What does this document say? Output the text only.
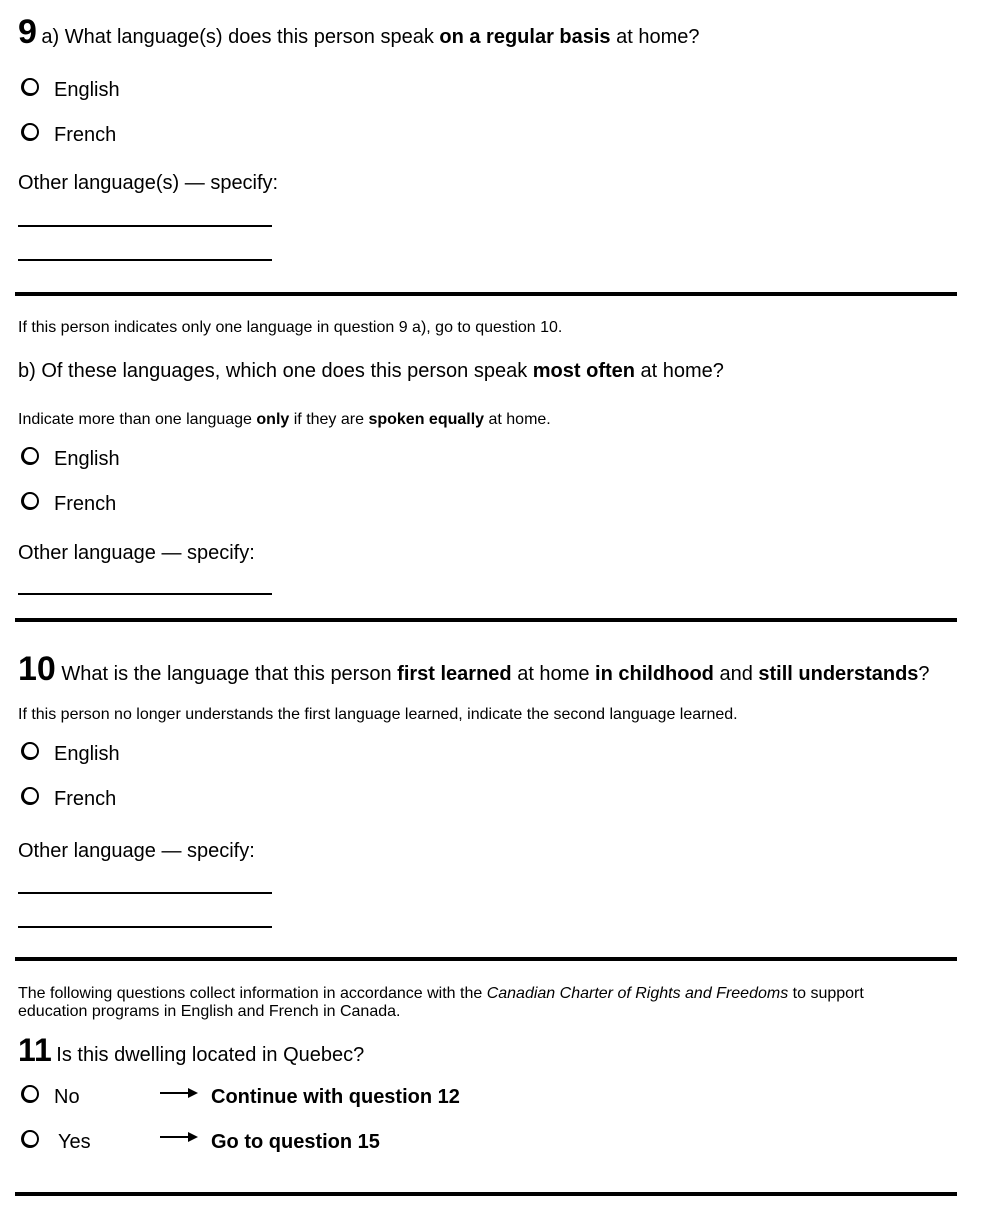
9 a) What language(s) does this person speak on a regular basis at home?
English
French
Other language(s) — specify:
If this person indicates only one language in question 9 a), go to question 10.
b) Of these languages, which one does this person speak most often at home?
Indicate more than one language only if they are spoken equally at home.
English
French
Other language — specify:
10 What is the language that this person first learned at home in childhood and still understands?
If this person no longer understands the first language learned, indicate the second language learned.
English
French
Other language — specify:
The following questions collect information in accordance with the Canadian Charter of Rights and Freedoms to support
education programs in English and French in Canada.
11 Is this dwelling located in Quebec?
No	Continue with question 12
Yes	Go to question 15
